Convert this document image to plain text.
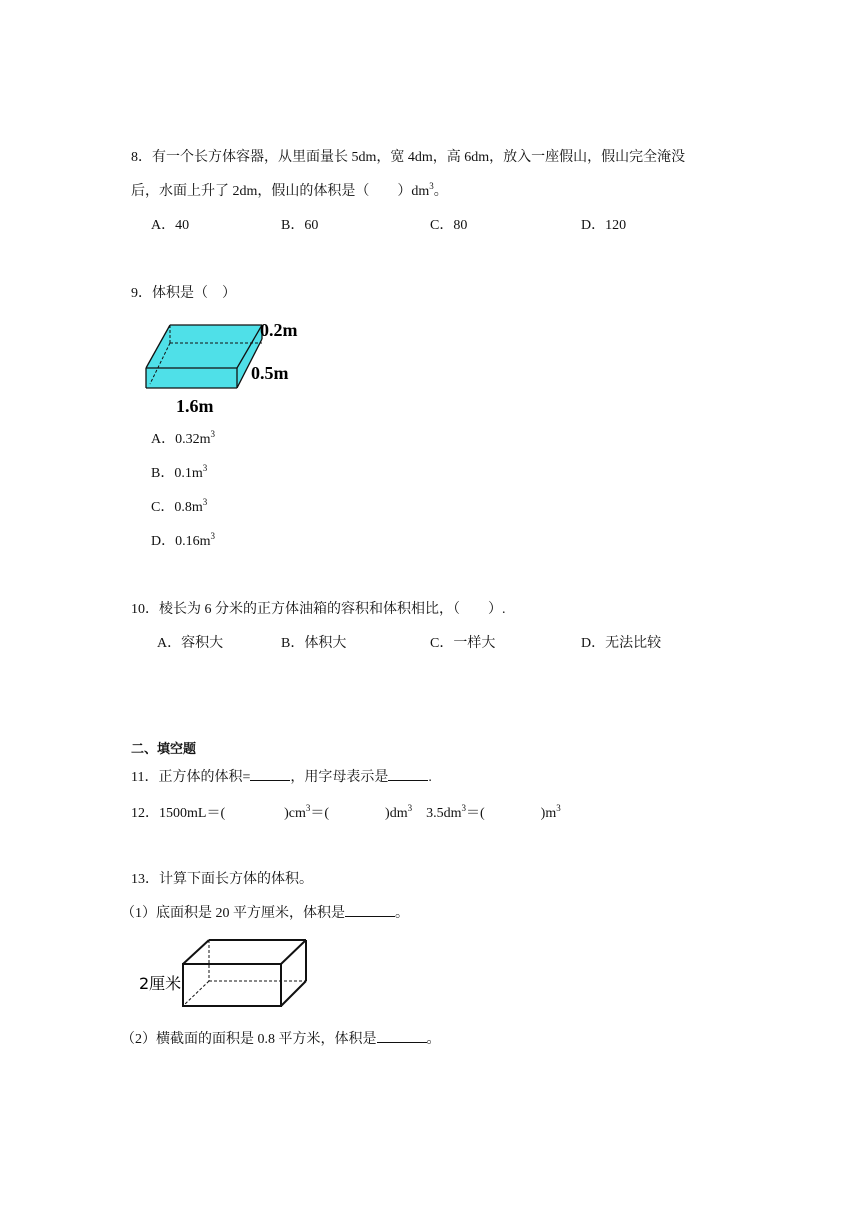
8．有一个长方体容器，从里面量长 5dm，宽 4dm，高 6dm，放入一座假山，假山完全淹没
后，水面上升了 2dm，假山的体积是（　　）$dm^3$。
A．40	B．60	C．80	D．120
9．体积是（　）
0.2m
0.5m
1.6m
A．$0.32m^3$
B．$0.1m^3$
C．$0.8m^3$
D．$0.16m^3$
10．棱长为 6 分米的正方体油箱的容积和体积相比，（　　）.
A．容积大	B．体积大	C．一样大	D．无法比较
二、填空题
11．正方体的体积=	，用字母表示是	.
12．1500mL＝(	)$cm^3=$(	)$dm^3$ $3.5dm^3=$(	)$m^3$
13．计算下面长方体的体积。
（1）底面积是 20 平方厘米，体积是	。
2厘米
（2）横截面的面积是 0.8 平方米，体积是	。
